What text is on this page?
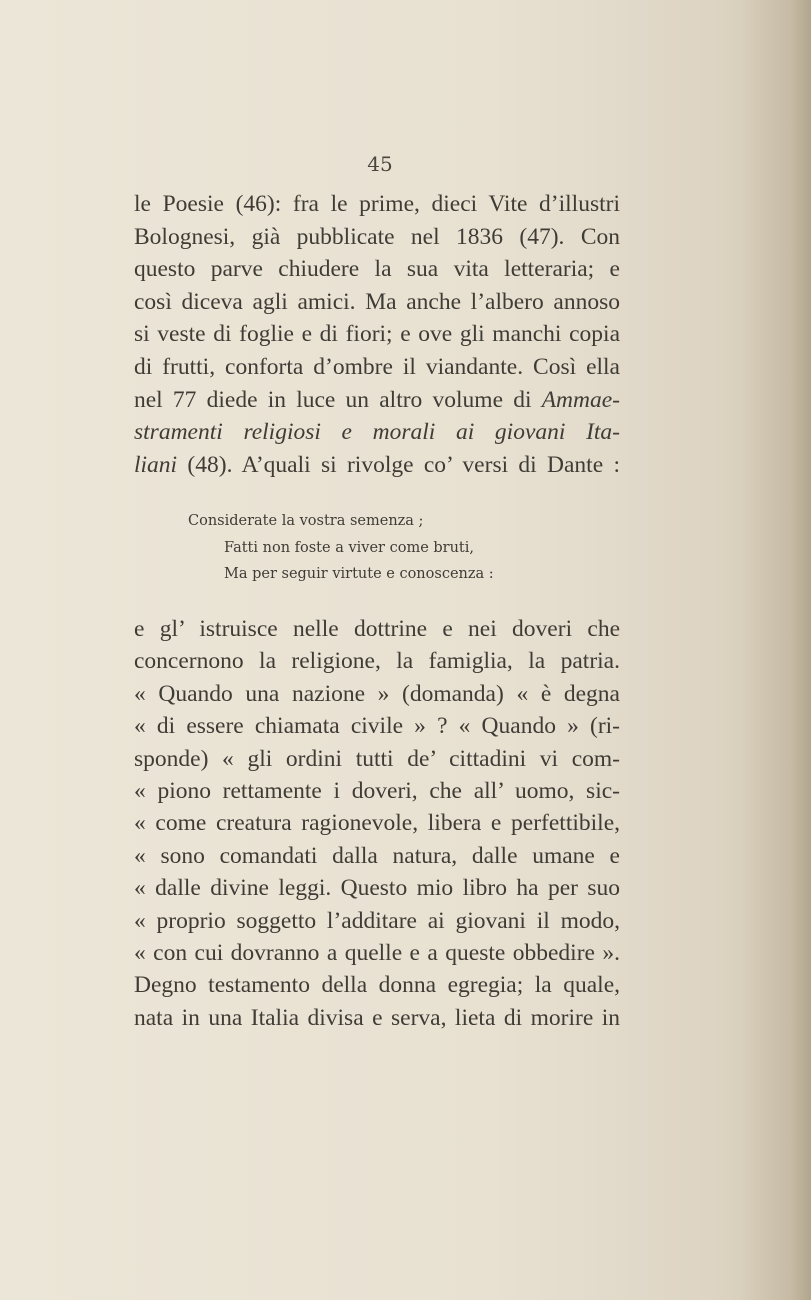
45
le Poesie (46): fra le prime, dieci Vite d’illustri
Bolognesi, già pubblicate nel 1836 (47). Con
questo parve chiudere la sua vita letteraria; e
così diceva agli amici. Ma anche l’albero annoso
si veste di foglie e di fiori; e ove gli manchi copia
di frutti, conforta d’ombre il viandante. Così ella
nel 77 diede in luce un altro volume di Ammae-
stramenti religiosi e morali ai giovani Ita-
liani (48). A’quali si rivolge co’ versi di Dante :
Considerate la vostra semenza ;
Fatti non foste a viver come bruti,
Ma per seguir virtute e conoscenza :
e gl’ istruisce nelle dottrine e nei doveri che
concernono la religione, la famiglia, la patria.
« Quando una nazione » (domanda) « è degna
« di essere chiamata civile » ? « Quando » (ri-
sponde) « gli ordini tutti de’ cittadini vi com-
« piono rettamente i doveri, che all’ uomo, sic-
« come creatura ragionevole, libera e perfettibile,
« sono comandati dalla natura, dalle umane e
« dalle divine leggi. Questo mio libro ha per suo
« proprio soggetto l’additare ai giovani il modo,
« con cui dovranno a quelle e a queste obbedire ».
Degno testamento della donna egregia; la quale,
nata in una Italia divisa e serva, lieta di morire in
